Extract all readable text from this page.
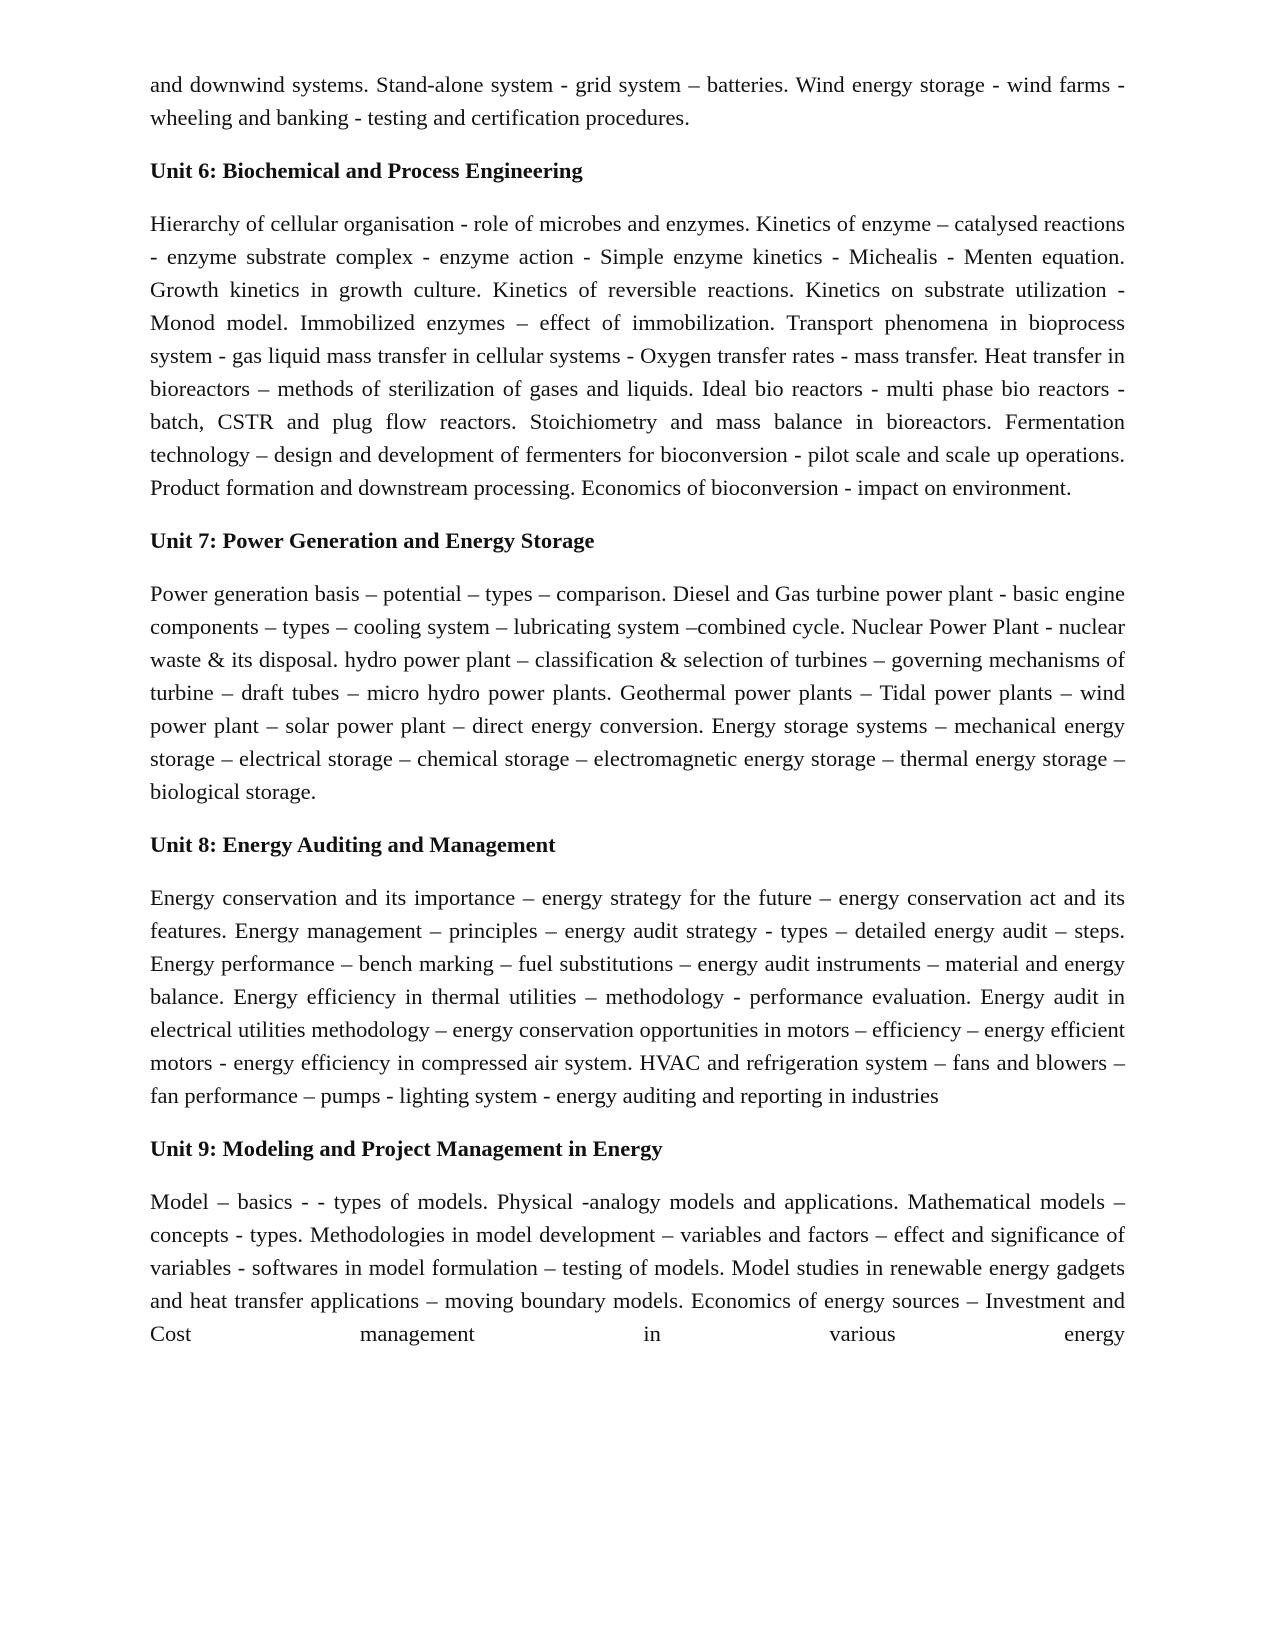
and downwind systems. Stand-alone system - grid system – batteries. Wind energy storage - wind farms - wheeling and banking - testing and certification procedures.

Unit 6: Biochemical and Process Engineering

Hierarchy of cellular organisation - role of microbes and enzymes. Kinetics of enzyme – catalysed reactions - enzyme substrate complex - enzyme action - Simple enzyme kinetics - Michealis - Menten equation. Growth kinetics in growth culture. Kinetics of reversible reactions. Kinetics on substrate utilization - Monod model. Immobilized enzymes – effect of immobilization. Transport phenomena in bioprocess system - gas liquid mass transfer in cellular systems - Oxygen transfer rates - mass transfer. Heat transfer in bioreactors – methods of sterilization of gases and liquids. Ideal bio reactors - multi phase bio reactors - batch, CSTR and plug flow reactors. Stoichiometry and mass balance in bioreactors. Fermentation technology – design and development of fermenters for bioconversion - pilot scale and scale up operations. Product formation and downstream processing. Economics of bioconversion - impact on environment.

Unit 7: Power Generation and Energy Storage

Power generation basis – potential – types – comparison. Diesel and Gas turbine power plant - basic engine components – types – cooling system – lubricating system –combined cycle. Nuclear Power Plant - nuclear waste & its disposal. hydro power plant – classification & selection of turbines – governing mechanisms of turbine – draft tubes – micro hydro power plants. Geothermal power plants – Tidal power plants – wind power plant – solar power plant – direct energy conversion. Energy storage systems – mechanical energy storage – electrical storage – chemical storage – electromagnetic energy storage – thermal energy storage – biological storage.

Unit 8: Energy Auditing and Management

Energy conservation and its importance – energy strategy for the future – energy conservation act and its features. Energy management – principles – energy audit strategy - types – detailed energy audit – steps. Energy performance – bench marking – fuel substitutions – energy audit instruments – material and energy balance. Energy efficiency in thermal utilities – methodology - performance evaluation. Energy audit in electrical utilities methodology – energy conservation opportunities in motors – efficiency – energy efficient motors - energy efficiency in compressed air system. HVAC and refrigeration system – fans and blowers – fan performance – pumps - lighting system - energy auditing and reporting in industries

Unit 9: Modeling and Project Management in Energy

Model – basics - - types of models. Physical -analogy models and applications. Mathematical models – concepts - types. Methodologies in model development – variables and factors – effect and significance of variables - softwares in model formulation – testing of models. Model studies in renewable energy gadgets and heat transfer applications – moving boundary models. Economics of energy sources – Investment and Cost management in various energy
